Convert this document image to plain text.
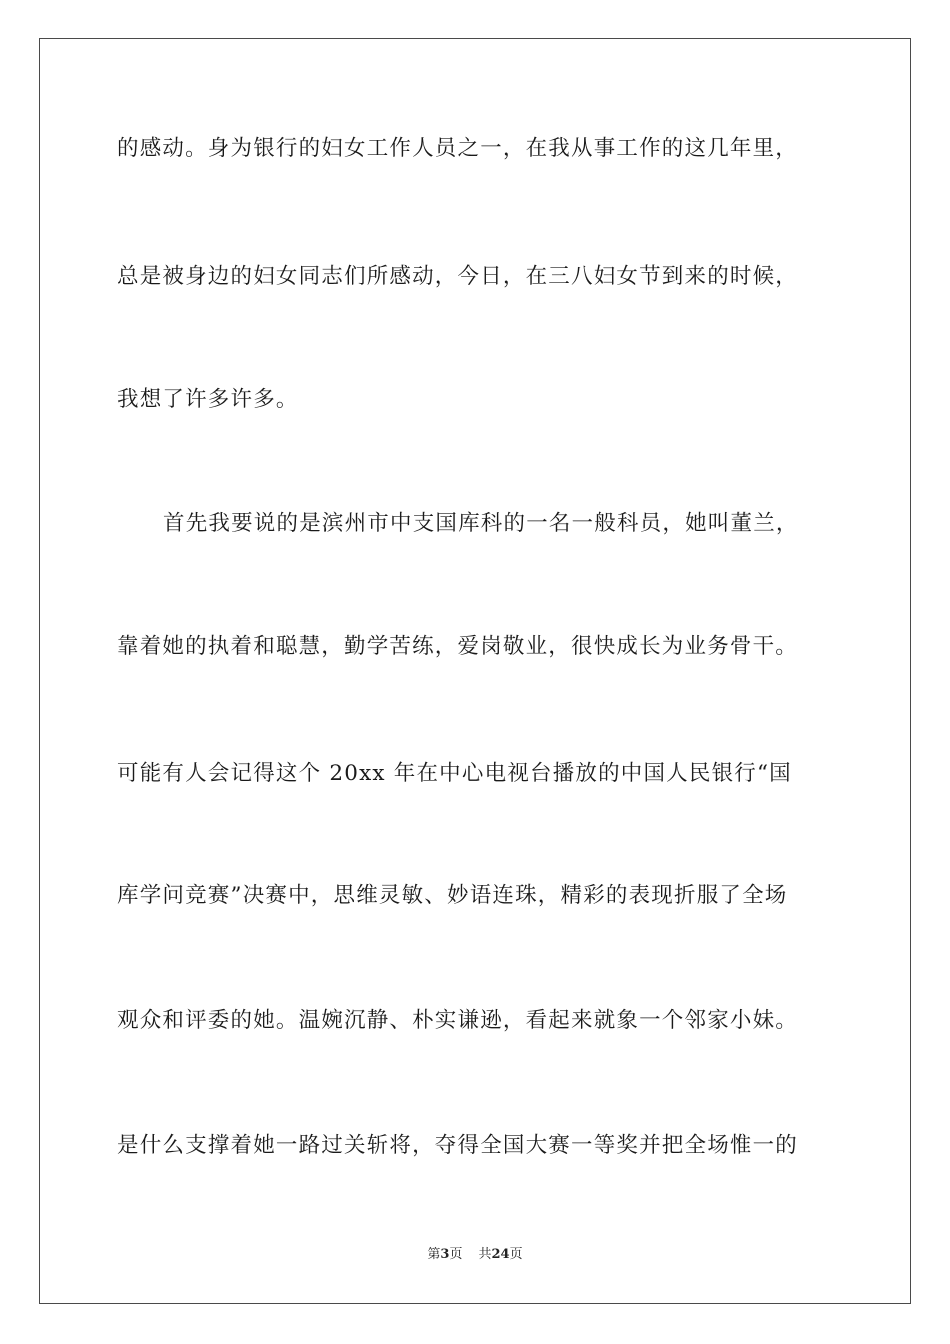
的感动。身为银行的妇女工作人员之一，在我从事工作的这几年里，
总是被身边的妇女同志们所感动，今日，在三八妇女节到来的时候，
我想了许多许多。
首先我要说的是滨州市中支国库科的一名一般科员，她叫董兰，
靠着她的执着和聪慧，勤学苦练，爱岗敬业，很快成长为业务骨干。
可能有人会记得这个 20xx 年在中心电视台播放的中国人民银行“国
库学问竞赛”决赛中，思维灵敏、妙语连珠，精彩的表现折服了全场
观众和评委的她。温婉沉静、朴实谦逊，看起来就象一个邻家小妹。
是什么支撑着她一路过关斩将，夺得全国大赛一等奖并把全场惟一的
第3页 共24页
